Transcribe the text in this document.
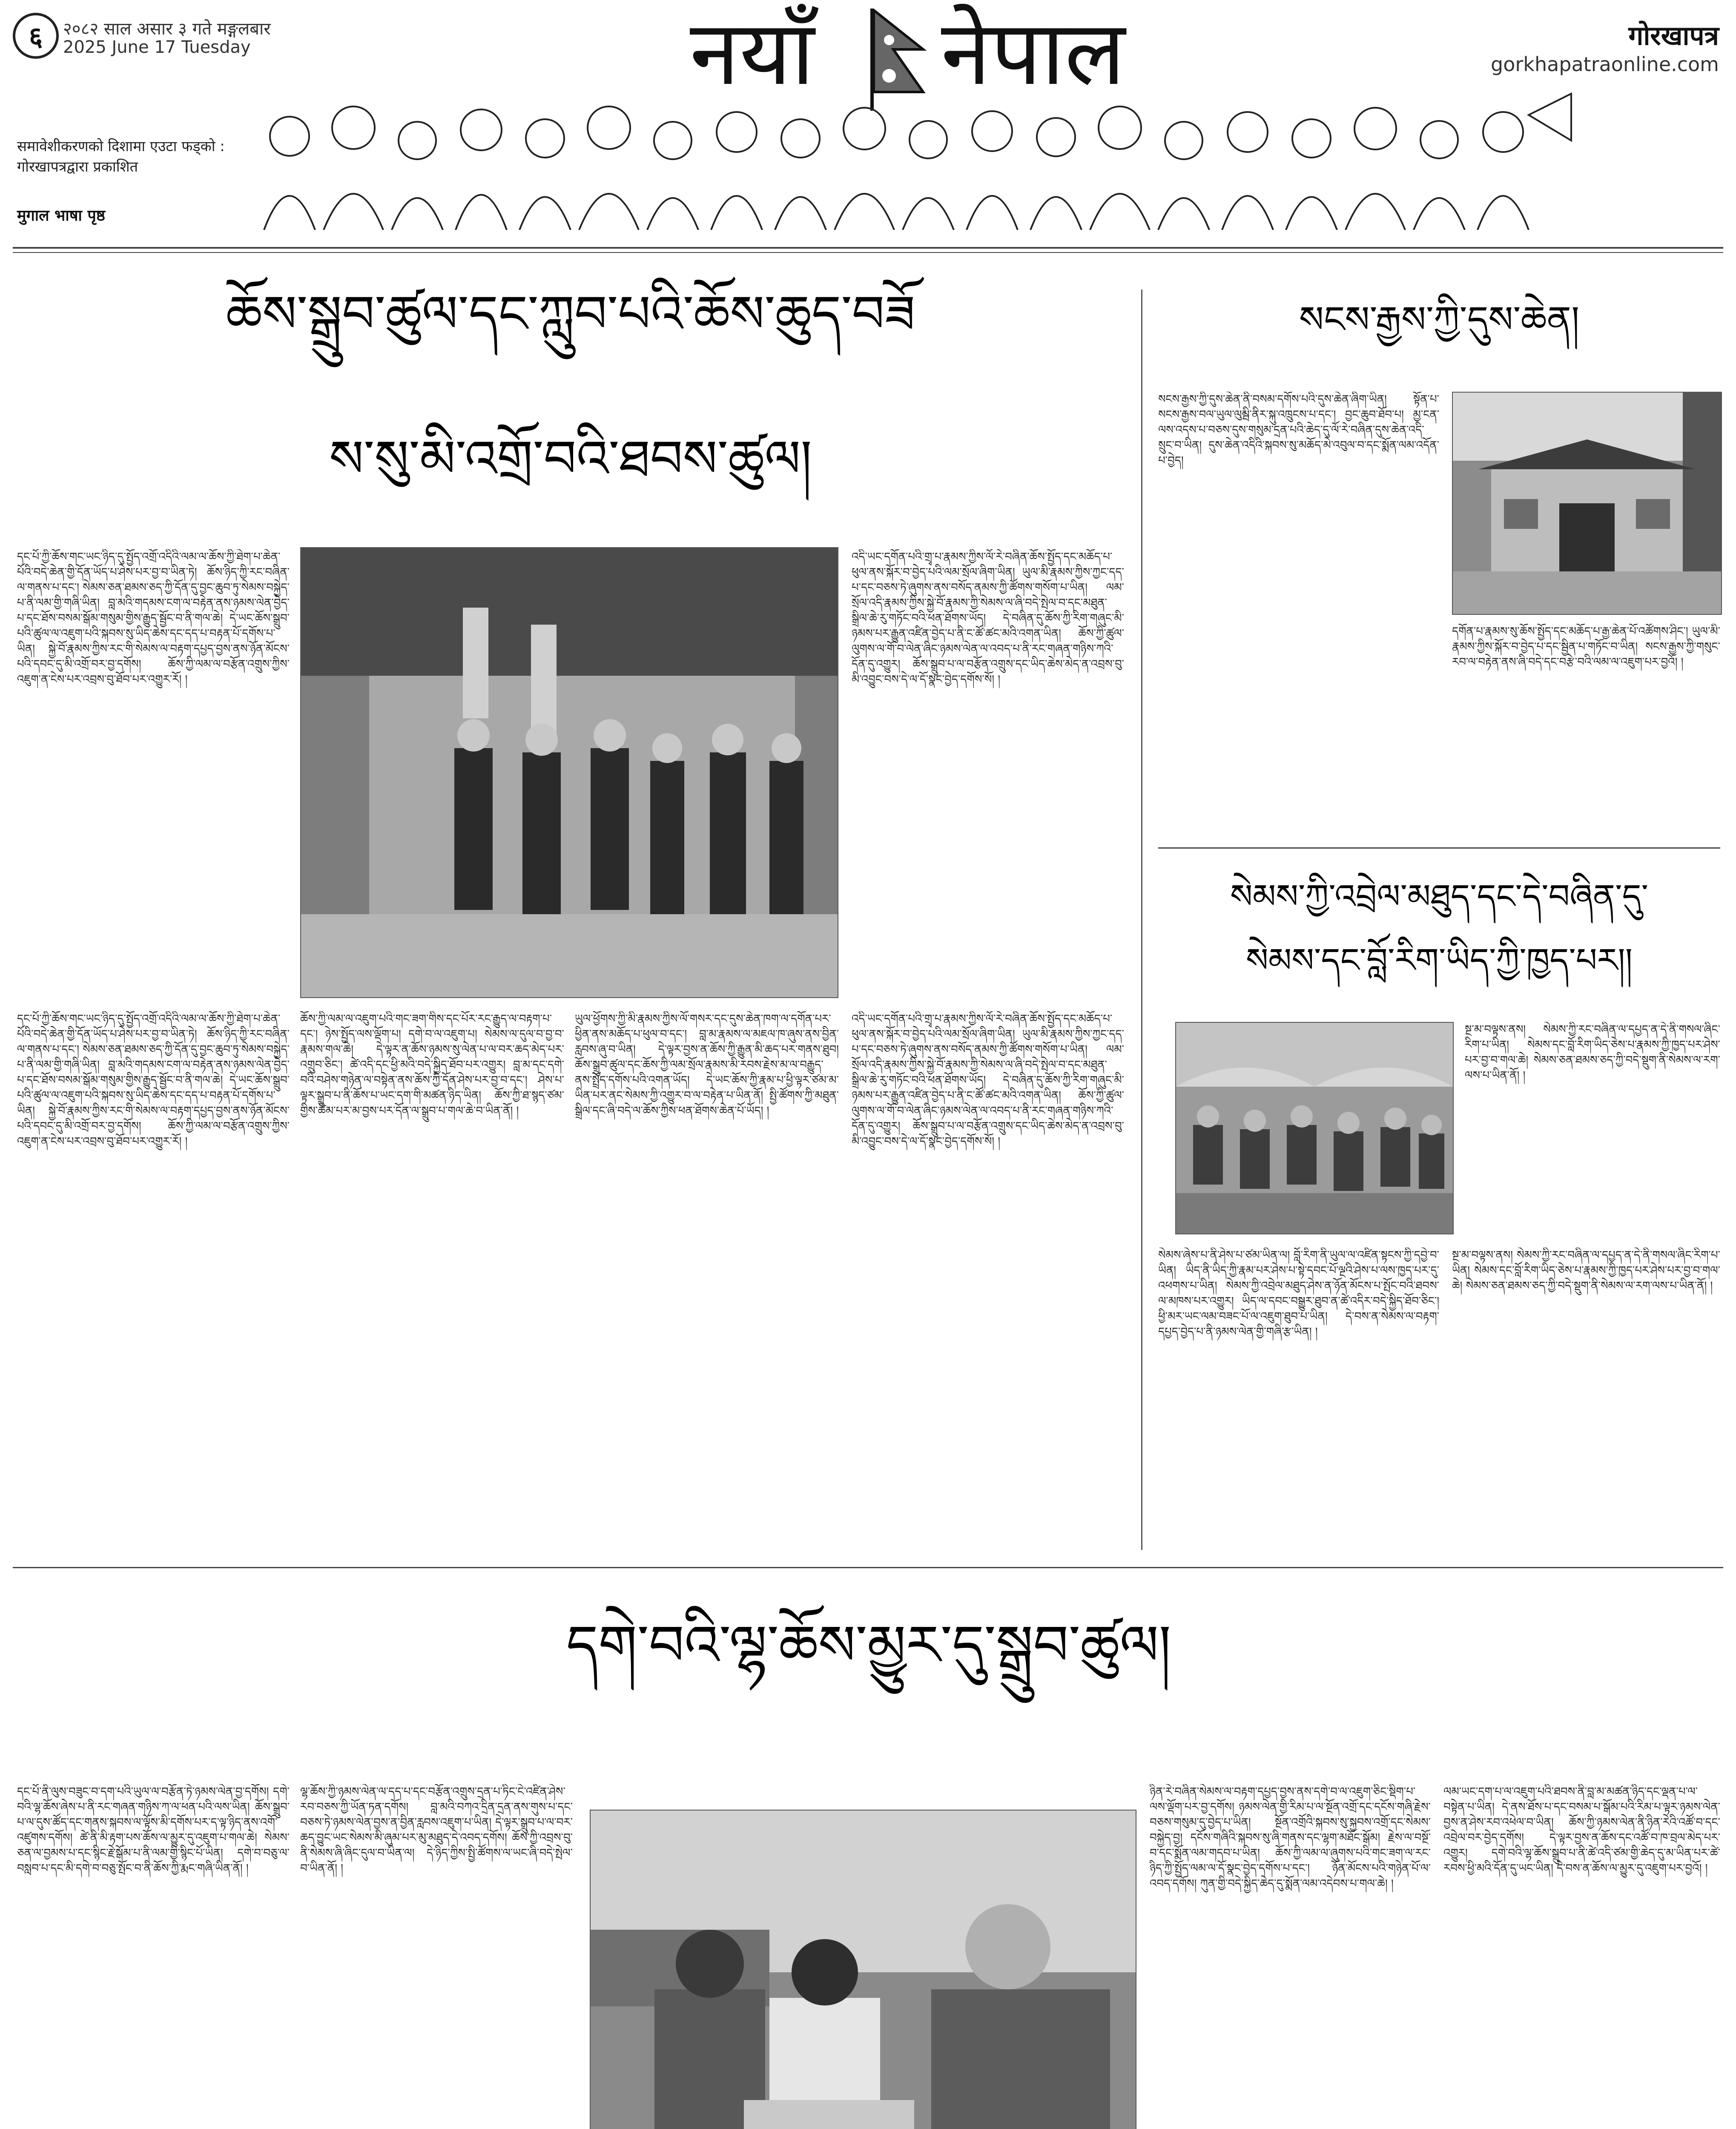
६ २०८२ साल असार ३ गते मङ्गलबार
2025 June 17 Tuesday	नयाँ नेपाल	गोरखापत्र
gorkhapatraonline.com
समावेशीकरणको दिशामा एउटा फड्को : गोरखापत्रद्वारा प्रकाशित
मुगाल भाषा पृष्ठ
ཆོས་སྒྲུབ་ཚུལ་དང་ཀླུབ་པའི་ཆོས་ཆུད་བཟོ
ས་སུ་མི་འགྲོ་བའི་ཐབས་ཚུལ།
དང་པོ་ཀྱི་ཆོས་གང་ཡང་ཉིད་དུ་སྤྱོད་འགྲོ་འདིའི་ལམ་ལ་ཆོས་ཀྱི་ཐེག་པ་ཆེན་པོའི་བདེ་ཆེན་གྱི་དོན་ཡོད་པ་ཤེས་པར་བྱ་བ་ཡིན་ཏེ། ཆོས་ཉིད་ཀྱི་རང་བཞིན་ལ་གནས་པ་དང་། སེམས་ཅན་ཐམས་ཅད་ཀྱི་དོན་དུ་བྱང་ཆུབ་ཏུ་སེམས་བསྐྱེད་པ་ནི་ལམ་གྱི་གཞི་ཡིན། བླ་མའི་གདམས་ངག་ལ་བརྟེན་ནས་ཉམས་ལེན་བྱེད་པ་དང་ཐོས་བསམ་སྒོམ་གསུམ་གྱིས་རྒྱུད་སྦྱོང་བ་ནི་གལ་ཆེ། དེ་ཡང་ཆོས་སྒྲུབ་པའི་ཚུལ་ལ་འཇུག་པའི་སྐབས་སུ་ཡིད་ཆེས་དང་དད་པ་བརྟན་པོ་དགོས་པ་ཡིན། སྐྱེ་བོ་རྣམས་ཀྱིས་རང་གི་སེམས་ལ་བརྟག་དཔྱད་བྱས་ནས་ཉོན་མོངས་པའི་དབང་དུ་མི་འགྲོ་བར་བྱ་དགོས། ཆོས་ཀྱི་ལམ་ལ་བརྩོན་འགྲུས་ཀྱིས་འཇུག་ན་ངེས་པར་འབྲས་བུ་ཐོབ་པར་འགྱུར་རོ། །
འདི་ཡང་དགོན་པའི་གྲྭ་པ་རྣམས་ཀྱིས་ལོ་རེ་བཞིན་ཆོས་སྤྱོད་དང་མཆོད་པ་ཕུལ་ནས་སྐོར་བ་བྱེད་པའི་ལམ་སྲོལ་ཞིག་ཡིན། ཡུལ་མི་རྣམས་ཀྱིས་ཀྱང་དད་པ་དང་བཅས་ཏེ་ཞུགས་ནས་བསོད་ནམས་ཀྱི་ཚོགས་གསོག་པ་ཡིན། ལམ་སྲོལ་འདི་རྣམས་ཀྱིས་སྐྱེ་བོ་རྣམས་ཀྱི་སེམས་ལ་ཞི་བདེ་སྤེལ་བ་དང་མཐུན་སྒྲིལ་ཆེ་རུ་གཏོང་བའི་ཕན་ཐོགས་ཡོད། དེ་བཞིན་དུ་ཆོས་ཀྱི་རིག་གཞུང་མི་ཉམས་པར་རྒྱུན་འཛིན་བྱེད་པ་ནི་ང་ཚོ་ཚང་མའི་འགན་ཡིན། ཆོས་ཀྱི་ཚུལ་ལུགས་ལ་གོ་བ་ལེན་ཞིང་ཉམས་ལེན་ལ་འབད་པ་ནི་རང་གཞན་གཉིས་ཀའི་དོན་དུ་འགྱུར། ཆོས་སྒྲུབ་པ་ལ་བརྩོན་འགྲུས་དང་ཡིད་ཆེས་མེད་ན་འབྲས་བུ་མི་འབྱུང་བས་དེ་ལ་དོ་སྣང་བྱེད་དགོས་སོ། །
ཆོས་ཀྱི་ལམ་ལ་འཇུག་པའི་གང་ཟག་གིས་དང་པོར་རང་རྒྱུད་ལ་བརྟག་པ་དང་། ཉེས་སྤྱོད་ལས་ལྡོག་པ། དགེ་བ་ལ་འཇུག་པ། སེམས་ལ་དུལ་བ་བྱ་བ་རྣམས་གལ་ཆེ། དེ་ལྟར་ན་ཆོས་ཉམས་སུ་ལེན་པ་ལ་བར་ཆད་མེད་པར་འགྲུབ་ཅིང་། ཚེ་འདི་དང་ཕྱི་མའི་བདེ་སྐྱིད་ཐོབ་པར་འགྱུར། བླ་མ་དང་དགེ་བའི་བཤེས་གཉེན་ལ་བསྟེན་ནས་ཆོས་ཀྱི་དོན་ཤེས་པར་བྱ་བ་དང་། ཤེས་པ་ལྟར་སྒྲུབ་པ་ནི་ཆོས་པ་ཡང་དག་གི་མཚན་ཉིད་ཡིན། ཆོས་ཀྱི་ཐ་སྙད་ཙམ་གྱིས་ཚིམ་པར་མ་བྱས་པར་དོན་ལ་སྒྲུབ་པ་གལ་ཆེ་བ་ཡིན་ནོ། །
ཡུལ་ཕྱོགས་ཀྱི་མི་རྣམས་ཀྱིས་ལོ་གསར་དང་དུས་ཆེན་ཁག་ལ་དགོན་པར་ཕྱིན་ནས་མཆོད་པ་ཕུལ་བ་དང་། བླ་མ་རྣམས་ལ་མཇལ་ཁ་ཞུས་ནས་བྱིན་རླབས་ཞུ་བ་ཡིན། དེ་ལྟར་བྱས་ན་ཆོས་ཀྱི་རྒྱུན་མི་ཆད་པར་གནས་ཐུབ། ཆོས་སྒྲུབ་ཚུལ་དང་ཆོས་ཀྱི་ལམ་སྲོལ་རྣམས་མི་རབས་རྗེས་མ་ལ་བརྒྱུད་ནས་སྤྲོད་དགོས་པའི་འགན་ཡོད། དེ་ཡང་ཆོས་ཀྱི་རྣམ་པ་ཕྱི་ལྟར་ཙམ་མ་ཡིན་པར་ནང་སེམས་ཀྱི་འགྱུར་བ་ལ་བརྟེན་པ་ཡིན་ནོ། སྤྱི་ཚོགས་ཀྱི་མཐུན་སྒྲིལ་དང་ཞི་བདེ་ལ་ཆོས་ཀྱིས་ཕན་ཐོགས་ཆེན་པོ་ཡོད། །
དང་པོ་ཀྱི་ཆོས་གང་ཡང་ཉིད་དུ་སྤྱོད་འགྲོ་འདིའི་ལམ་ལ་ཆོས་ཀྱི་ཐེག་པ་ཆེན་པོའི་བདེ་ཆེན་གྱི་དོན་ཡོད་པ་ཤེས་པར་བྱ་བ་ཡིན་ཏེ། ཆོས་ཉིད་ཀྱི་རང་བཞིན་ལ་གནས་པ་དང་། སེམས་ཅན་ཐམས་ཅད་ཀྱི་དོན་དུ་བྱང་ཆུབ་ཏུ་སེམས་བསྐྱེད་པ་ནི་ལམ་གྱི་གཞི་ཡིན། བླ་མའི་གདམས་ངག་ལ་བརྟེན་ནས་ཉམས་ལེན་བྱེད་པ་དང་ཐོས་བསམ་སྒོམ་གསུམ་གྱིས་རྒྱུད་སྦྱོང་བ་ནི་གལ་ཆེ། དེ་ཡང་ཆོས་སྒྲུབ་པའི་ཚུལ་ལ་འཇུག་པའི་སྐབས་སུ་ཡིད་ཆེས་དང་དད་པ་བརྟན་པོ་དགོས་པ་ཡིན། སྐྱེ་བོ་རྣམས་ཀྱིས་རང་གི་སེམས་ལ་བརྟག་དཔྱད་བྱས་ནས་ཉོན་མོངས་པའི་དབང་དུ་མི་འགྲོ་བར་བྱ་དགོས། ཆོས་ཀྱི་ལམ་ལ་བརྩོན་འགྲུས་ཀྱིས་འཇུག་ན་ངེས་པར་འབྲས་བུ་ཐོབ་པར་འགྱུར་རོ། །
འདི་ཡང་དགོན་པའི་གྲྭ་པ་རྣམས་ཀྱིས་ལོ་རེ་བཞིན་ཆོས་སྤྱོད་དང་མཆོད་པ་ཕུལ་ནས་སྐོར་བ་བྱེད་པའི་ལམ་སྲོལ་ཞིག་ཡིན། ཡུལ་མི་རྣམས་ཀྱིས་ཀྱང་དད་པ་དང་བཅས་ཏེ་ཞུགས་ནས་བསོད་ནམས་ཀྱི་ཚོགས་གསོག་པ་ཡིན། ལམ་སྲོལ་འདི་རྣམས་ཀྱིས་སྐྱེ་བོ་རྣམས་ཀྱི་སེམས་ལ་ཞི་བདེ་སྤེལ་བ་དང་མཐུན་སྒྲིལ་ཆེ་རུ་གཏོང་བའི་ཕན་ཐོགས་ཡོད། དེ་བཞིན་དུ་ཆོས་ཀྱི་རིག་གཞུང་མི་ཉམས་པར་རྒྱུན་འཛིན་བྱེད་པ་ནི་ང་ཚོ་ཚང་མའི་འགན་ཡིན། ཆོས་ཀྱི་ཚུལ་ལུགས་ལ་གོ་བ་ལེན་ཞིང་ཉམས་ལེན་ལ་འབད་པ་ནི་རང་གཞན་གཉིས་ཀའི་དོན་དུ་འགྱུར། ཆོས་སྒྲུབ་པ་ལ་བརྩོན་འགྲུས་དང་ཡིད་ཆེས་མེད་ན་འབྲས་བུ་མི་འབྱུང་བས་དེ་ལ་དོ་སྣང་བྱེད་དགོས་སོ། །
སངས་རྒྱས་ཀྱི་དུས་ཆེན།
སངས་རྒྱས་ཀྱི་དུས་ཆེན་ནི་བསམ་དགོས་པའི་དུས་ཆེན་ཞིག་ཡིན། སྟོན་པ་སངས་རྒྱས་བལ་ཡུལ་ལུམྦི་ནིར་སྐུ་འཁྲུངས་པ་དང་། བྱང་ཆུབ་ཐོབ་པ། མྱ་ངན་ལས་འདས་པ་བཅས་དུས་གསུམ་དྲན་པའི་ཆེད་དུ་ལོ་རེ་བཞིན་དུས་ཆེན་འདི་སྲུང་བ་ཡིན། དུས་ཆེན་འདིའི་སྐབས་སུ་མཆོད་མེ་འབུལ་བ་དང་སྨོན་ལམ་འདོན་པ་བྱེད།
དགོན་པ་རྣམས་སུ་ཆོས་སྤྱོད་དང་མཆོད་པ་རྒྱ་ཆེན་པོ་འཚོགས་ཤིང་། ཡུལ་མི་རྣམས་ཀྱིས་སྐོར་བ་བྱེད་པ་དང་སྦྱིན་པ་གཏོང་བ་ཡིན། སངས་རྒྱས་ཀྱི་གསུང་རབ་ལ་བརྟེན་ནས་ཞི་བདེ་དང་བརྩེ་བའི་ལམ་ལ་འཇུག་པར་བྱའོ། །
སེམས་ཀྱི་འབྲེལ་མཐུད་དང་དེ་བཞིན་དུ་
སེམས་དང་བློ་རིག་ཡིད་ཀྱི་ཁྱད་པར།།
སྔ་མ་བལྟས་ནས། སེམས་ཀྱི་རང་བཞིན་ལ་དཔྱད་ན་དེ་ནི་གསལ་ཞིང་རིག་པ་ཡིན། སེམས་དང་བློ་རིག་ཡིད་ཅེས་པ་རྣམས་ཀྱི་ཁྱད་པར་ཤེས་པར་བྱ་བ་གལ་ཆེ། སེམས་ཅན་ཐམས་ཅད་ཀྱི་བདེ་སྡུག་ནི་སེམས་ལ་རག་ལས་པ་ཡིན་ནོ། །
སེམས་ཞེས་པ་ནི་ཤེས་པ་ཙམ་ཡིན་ལ། བློ་རིག་ནི་ཡུལ་ལ་འཛིན་སྟངས་ཀྱི་དབྱེ་བ་ཡིན། ཡིད་ནི་ཡིད་ཀྱི་རྣམ་པར་ཤེས་པ་སྟེ་དབང་པོ་ལྔའི་ཤེས་པ་ལས་ཁྱད་པར་དུ་འཕགས་པ་ཡིན། སེམས་ཀྱི་འབྲེལ་མཐུད་ཤེས་ན་ཉོན་མོངས་པ་སྤོང་བའི་ཐབས་ལ་མཁས་པར་འགྱུར། ཡིད་ལ་དབང་བསྒྱུར་ཐུབ་ན་ཚེ་འདིར་བདེ་སྐྱིད་ཐོབ་ཅིང་། ཕྱི་མར་ཡང་ལམ་བཟང་པོ་ལ་འཇུག་ཐུབ་པ་ཡིན། དེ་བས་ན་སེམས་ལ་བརྟག་དཔྱད་བྱེད་པ་ནི་ཉམས་ལེན་གྱི་གཞི་རྩ་ཡིན། །
སྔ་མ་བལྟས་ནས། སེམས་ཀྱི་རང་བཞིན་ལ་དཔྱད་ན་དེ་ནི་གསལ་ཞིང་རིག་པ་ཡིན། སེམས་དང་བློ་རིག་ཡིད་ཅེས་པ་རྣམས་ཀྱི་ཁྱད་པར་ཤེས་པར་བྱ་བ་གལ་ཆེ། སེམས་ཅན་ཐམས་ཅད་ཀྱི་བདེ་སྡུག་ནི་སེམས་ལ་རག་ལས་པ་ཡིན་ནོ། །
དགེ་བའི་ལྷ་ཆོས་མྱུར་དུ་སྒྲུབ་ཚུལ།
དང་པོ་ནི་ལུས་བཟུང་བ་དག་པའི་ཡུལ་ལ་བརྩོན་ཏེ་ཉམས་ལེན་བྱ་དགོས། དགེ་བའི་ལྷ་ཆོས་ཞེས་པ་ནི་རང་གཞན་གཉིས་ཀ་ལ་ཕན་པའི་ལས་ཡིན། ཆོས་སྒྲུབ་པ་ལ་དུས་ཚོད་དང་གནས་སྐབས་ལ་ལྟོས་མི་དགོས་པར་ད་ལྟ་ཉིད་ནས་འགོ་འཛུགས་དགོས། ཚེ་ནི་མི་རྟག་པས་ཆོས་ལ་མྱུར་དུ་འཇུག་པ་གལ་ཆེ། སེམས་ཅན་ལ་བྱམས་པ་དང་སྙིང་རྗེ་སྒོམ་པ་ནི་ལམ་གྱི་སྙིང་པོ་ཡིན། དགེ་བ་བཅུ་ལ་བསླབ་པ་དང་མི་དགེ་བ་བཅུ་སྤོང་བ་ནི་ཆོས་ཀྱི་རྨང་གཞི་ཡིན་ནོ། །
ལྷ་ཆོས་ཀྱི་ཉམས་ལེན་ལ་དད་པ་དང་བརྩོན་འགྲུས་དྲན་པ་ཏིང་ངེ་འཛིན་ཤེས་རབ་བཅས་ཀྱི་ཡོན་ཏན་དགོས། བླ་མའི་བཀའ་དྲིན་དྲན་ནས་གུས་པ་དང་བཅས་ཏེ་ཉམས་ལེན་བྱས་ན་བྱིན་རླབས་འཇུག་པ་ཡིན། དེ་ལྟར་སྒྲུབ་པ་ལ་བར་ཆད་བྱུང་ཡང་སེམས་མི་ཞུམ་པར་མུ་མཐུད་དེ་འབད་དགོས། ཆོས་ཀྱི་འབྲས་བུ་ནི་སེམས་ཞི་ཞིང་དུལ་བ་ཡིན་ལ། དེ་ཉིད་ཀྱིས་སྤྱི་ཚོགས་ལ་ཡང་ཞི་བདེ་སྤེལ་བ་ཡིན་ནོ། །
ཉིན་རེ་བཞིན་སེམས་ལ་བརྟག་དཔྱད་བྱས་ནས་དགེ་བ་ལ་འཇུག་ཅིང་སྡིག་པ་ལས་ལྡོག་པར་བྱ་དགོས། ཉམས་ལེན་གྱི་རིམ་པ་ལ་སྔོན་འགྲོ་དང་དངོས་གཞི་རྗེས་བཅས་གསུམ་དུ་བྱེད་པ་ཡིན། སྔོན་འགྲོའི་སྐབས་སུ་སྐྱབས་འགྲོ་དང་སེམས་བསྐྱེད་བྱ། དངོས་གཞིའི་སྐབས་སུ་ཞི་གནས་དང་ལྷག་མཐོང་སྒོམ། རྗེས་ལ་བསྔོ་བ་དང་སྨོན་ལམ་གདབ་པ་ཡིན། ཆོས་ཀྱི་ལམ་ལ་ཞུགས་པའི་གང་ཟག་ལ་རང་ཉིད་ཀྱི་སྤྱོད་ལམ་ལ་དོ་སྣང་བྱེད་དགོས་པ་དང་། ཉོན་མོངས་པའི་གཉེན་པོ་ལ་འབད་དགོས། ཀུན་གྱི་བདེ་སྐྱིད་ཆེད་དུ་སྨོན་ལམ་འདེབས་པ་གལ་ཆེ། །
ལམ་ཡང་དག་པ་ལ་འཇུག་པའི་ཐབས་ནི་བླ་མ་མཚན་ཉིད་དང་ལྡན་པ་ལ་བསྟེན་པ་ཡིན། དེ་ནས་ཐོས་པ་དང་བསམ་པ་སྒོམ་པའི་རིམ་པ་ལྟར་ཉམས་ལེན་བྱས་ན་ཤེས་རབ་འཕེལ་བ་ཡིན། ཆོས་ཀྱི་ཉམས་ལེན་ནི་ཉིན་རེའི་འཚོ་བ་དང་འབྲེལ་བར་བྱེད་དགོས། དེ་ལྟར་བྱས་ན་ཆོས་དང་འཚོ་བ་ཁ་བྲལ་མེད་པར་འགྱུར། དགེ་བའི་ལྷ་ཆོས་སྒྲུབ་པ་ནི་ཚེ་འདི་ཙམ་གྱི་ཆེད་དུ་མ་ཡིན་པར་ཚེ་རབས་ཕྱི་མའི་དོན་དུ་ཡང་ཡིན། དེ་བས་ན་ཆོས་ལ་མྱུར་དུ་འཇུག་པར་བྱའོ། །
